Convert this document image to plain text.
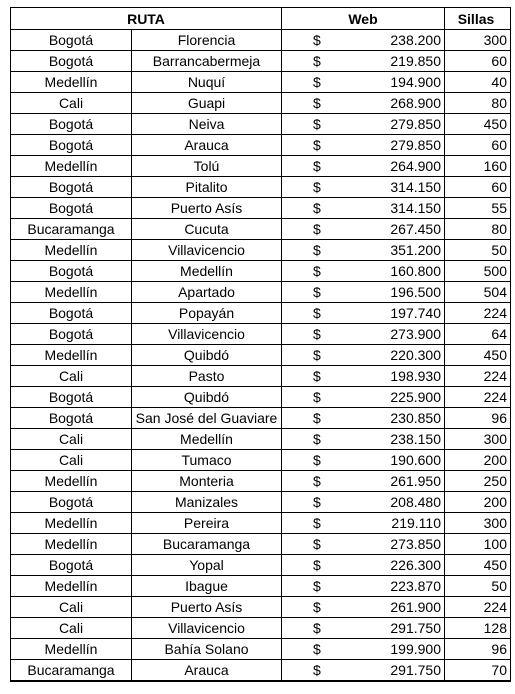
RUTA		Web	Sillas
Bogotá	Florencia	$ 238.200	300
Bogotá	Barrancabermeja	$ 219.850	60
Medellín	Nuquí	$ 194.900	40
Cali	Guapi	$ 268.900	80
Bogotá	Neiva	$ 279.850	450
Bogotá	Arauca	$ 279.850	60
Medellín	Tolú	$ 264.900	160
Bogotá	Pitalito	$ 314.150	60
Bogotá	Puerto Asís	$ 314.150	55
Bucaramanga	Cucuta	$ 267.450	80
Medellín	Villavicencio	$ 351.200	50
Bogotá	Medellín	$ 160.800	500
Medellín	Apartado	$ 196.500	504
Bogotá	Popayán	$ 197.740	224
Bogotá	Villavicencio	$ 273.900	64
Medellín	Quibdó	$ 220.300	450
Cali	Pasto	$ 198.930	224
Bogotá	Quibdó	$ 225.900	224
Bogotá	San José del Guaviare	$ 230.850	96
Cali	Medellín	$ 238.150	300
Cali	Tumaco	$ 190.600	200
Medellín	Monteria	$ 261.950	250
Bogotá	Manizales	$ 208.480	200
Medellín	Pereira	$ 219.110	300
Medellín	Bucaramanga	$ 273.850	100
Bogotá	Yopal	$ 226.300	450
Medellín	Ibague	$ 223.870	50
Cali	Puerto Asís	$ 261.900	224
Cali	Villavicencio	$ 291.750	128
Medellín	Bahía Solano	$ 199.900	96
Bucaramanga	Arauca	$ 291.750	70
